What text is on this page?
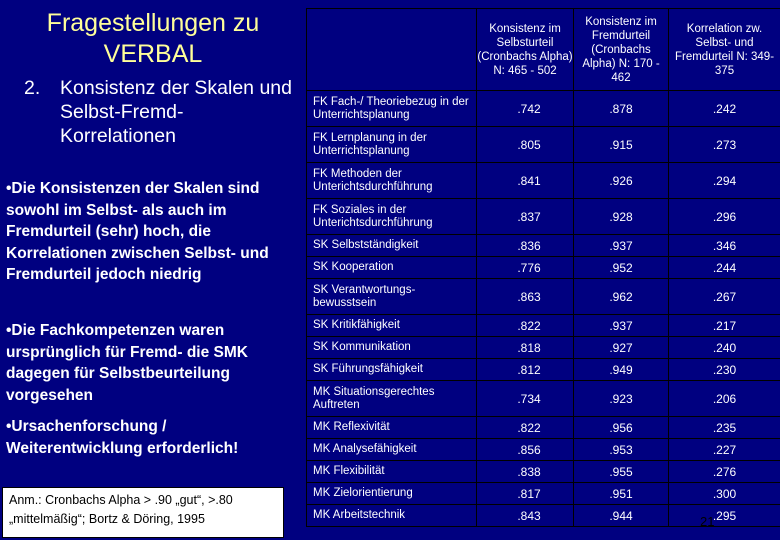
Fragestellungen zu VERBAL
2. Konsistenz der Skalen und Selbst-Fremd-Korrelationen
•Die Konsistenzen der Skalen sind sowohl im Selbst- als auch im Fremdurteil (sehr) hoch, die Korrelationen zwischen Selbst- und Fremdurteil jedoch niedrig
•Die Fachkompetenzen waren ursprünglich für Fremd- die SMK dagegen für Selbstbeurteilung vorgesehen
•Ursachenforschung / Weiterentwicklung erforderlich!
Anm.: Cronbachs Alpha > .90 „gut“, >.80 „mittelmäßig“; Bortz & Döring, 1995
	Konsistenz im Selbsturteil (Cronbachs Alpha) N: 465 - 502	Konsistenz im Fremdurteil (Cronbachs Alpha) N: 170 - 462	Korrelation zw. Selbst- und Fremdurteil N: 349-375
FK Fach-/ Theoriebezug in der Unterrichtsplanung	.742	.878	.242
FK Lernplanung in der Unterrichtsplanung	.805	.915	.273
FK Methoden der Unterichtsdurchführung	.841	.926	.294
FK Soziales in der Unterichtsdurchführung	.837	.928	.296
SK Selbstständigkeit	.836	.937	.346
SK Kooperation	.776	.952	.244
SK Verantwortungs-bewusstsein	.863	.962	.267
SK Kritikfähigkeit	.822	.937	.217
SK Kommunikation	.818	.927	.240
SK Führungsfähigkeit	.812	.949	.230
MK Situationsgerechtes Auftreten	.734	.923	.206
MK Reflexivität	.822	.956	.235
MK Analysefähigkeit	.856	.953	.227
MK Flexibilität	.838	.955	.276
MK Zielorientierung	.817	.951	.300
MK Arbeitstechnik	.843	.944	.295
21
